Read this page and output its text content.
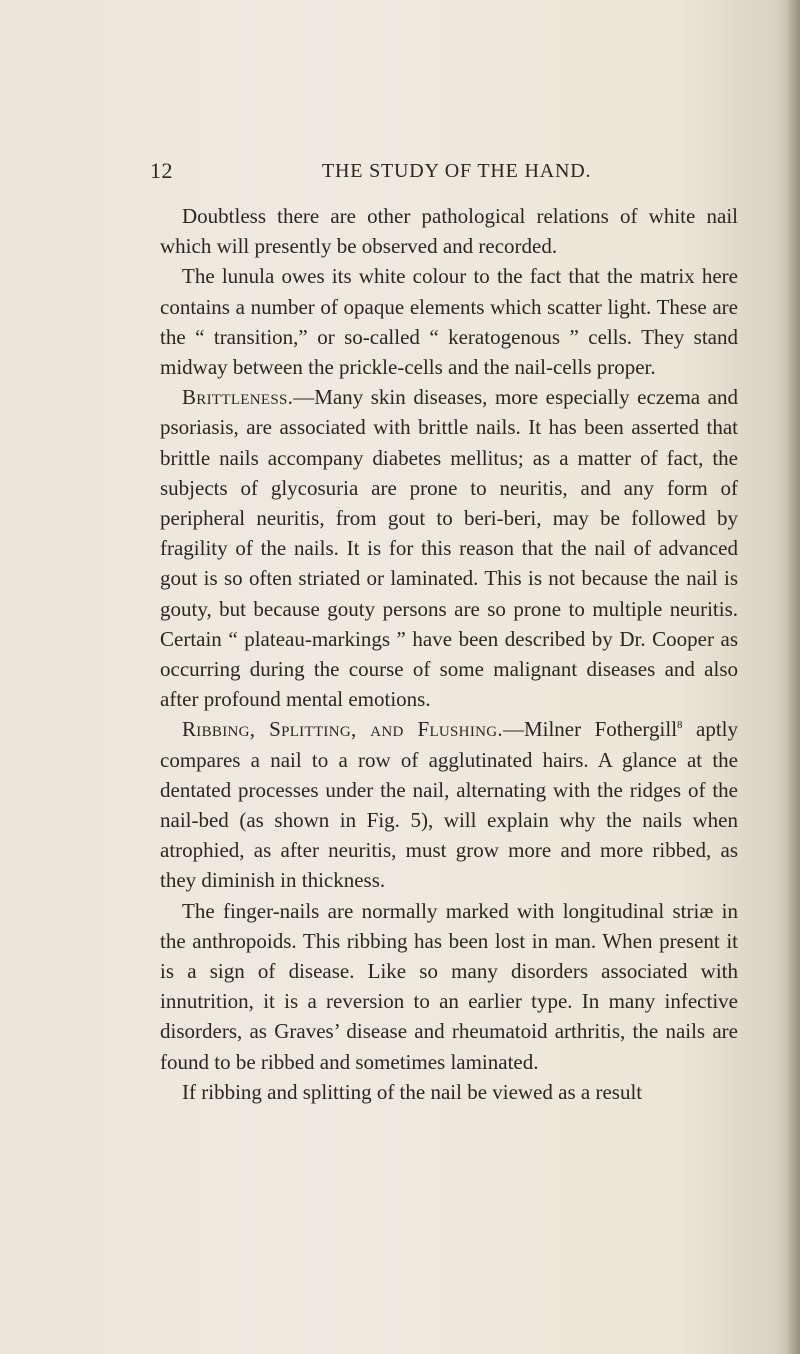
12	THE STUDY OF THE HAND.

Doubtless there are other pathological relations of white nail which will presently be observed and recorded.

The lunula owes its white colour to the fact that the matrix here contains a number of opaque elements which scatter light. These are the “ transition,” or so-called “ keratogenous ” cells. They stand midway between the prickle-cells and the nail-cells proper.

Brittleness.—Many skin diseases, more especially eczema and psoriasis, are associated with brittle nails. It has been asserted that brittle nails accompany diabetes mellitus; as a matter of fact, the subjects of glycosuria are prone to neuritis, and any form of peripheral neuritis, from gout to beri-beri, may be followed by fragility of the nails. It is for this reason that the nail of advanced gout is so often striated or laminated. This is not because the nail is gouty, but because gouty persons are so prone to multiple neuritis. Certain “ plateau-markings ” have been described by Dr. Cooper as occurring during the course of some malignant diseases and also after profound mental emotions.

Ribbing, Splitting, and Flushing.—Milner Fothergill$^8$ aptly compares a nail to a row of agglutinated hairs. A glance at the dentated processes under the nail, alternating with the ridges of the nail-bed (as shown in Fig. 5), will explain why the nails when atrophied, as after neuritis, must grow more and more ribbed, as they diminish in thickness.

The finger-nails are normally marked with longitudinal striæ in the anthropoids. This ribbing has been lost in man. When present it is a sign of disease. Like so many disorders associated with innutrition, it is a reversion to an earlier type. In many infective disorders, as Graves’ disease and rheumatoid arthritis, the nails are found to be ribbed and sometimes laminated.

If ribbing and splitting of the nail be viewed as a result
